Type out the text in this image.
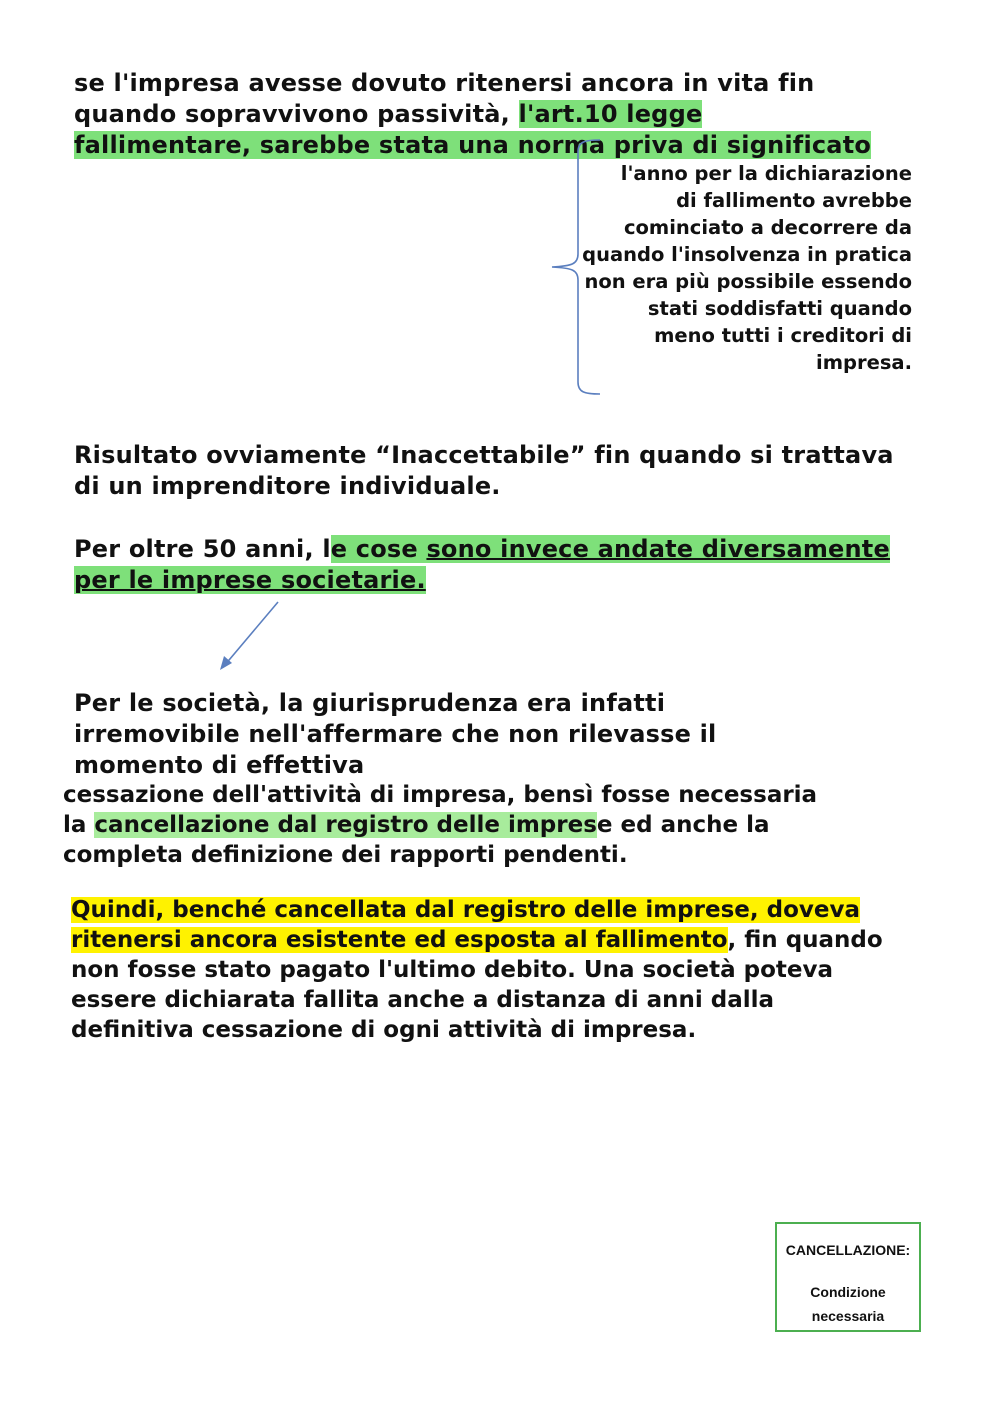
se l'impresa avesse dovuto ritenersi ancora in vita fin quando sopravvivono passività, l'art.10 legge fallimentare, sarebbe stata una norma priva di significato

l'anno per la dichiarazione
di fallimento avrebbe
cominciato a decorrere da
quando l'insolvenza in pratica
non era più possibile essendo
stati soddisfatti quando
meno tutti i creditori di
impresa.

Risultato ovviamente “Inaccettabile” fin quando si trattava di un imprenditore individuale.

Per oltre 50 anni, le cose sono invece andate diversamente per le imprese societarie.

Per le società, la giurisprudenza era infatti irremovibile nell'affermare che non rilevasse il momento di effettiva

cessazione dell'attività di impresa, bensì fosse necessaria la cancellazione dal registro delle imprese ed anche la completa definizione dei rapporti pendenti.

Quindi, benché cancellata dal registro delle imprese, doveva ritenersi ancora esistente ed esposta al fallimento, fin quando non fosse stato pagato l'ultimo debito. Una società poteva essere dichiarata fallita anche a distanza di anni dalla definitiva cessazione di ogni attività di impresa.

CANCELLAZIONE:
Condizione
necessaria
